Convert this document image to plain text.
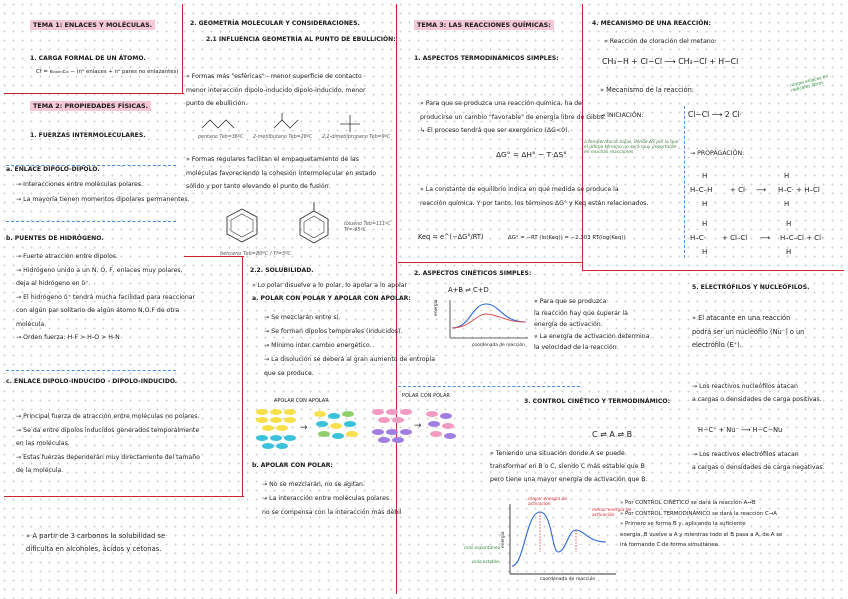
TEMA 1: ENLACES Y MOLÉCULAS.
1. CARGA FORMAL DE UN ÁTOMO.
Cf = eᵥₐₗₑₙcᵢₐ − (nᵉ enlaces + nᵉ pares no enlazantes)
TEMA 2: PROPIEDADES FÍSICAS.
1. FUERZAS INTERMOLECULARES.
a. ENLACE DIPOLO-DIPOLO.
→ Interacciones entre moléculas polares.
→ La mayoría tienen momentos dipolares permanentes.
b. PUENTES DE HIDRÓGENO.
→ Fuerte atracción entre dipolos.
→ Hidrógeno unido a un N, O, F, enlaces muy polares,
deja al hidrógeno en δ⁺.
→ El hidrógeno δ⁺ tendrá mucha facilidad para reaccionar
con algún par solitario de algún átomo N,O,F de otra
molécula.
→ Orden fuerza: H-F > H-O > H-N
c. ENLACE DIPOLO-INDUCIDO - DIPOLO-INDUCIDO.
→ Principal fuerza de atracción entre moléculas no polares.
→ Se da entre dipolos inducidos generados temporalmente
en las moléculas.
→ Estas fuerzas dependerán muy directamente del tamaño
de la molécula.
» A partir de 3 carbonos la solubilidad se
dificulta en alcoholes, ácidos y cetonas.
2. GEOMETRÍA MOLECULAR Y CONSIDERACIONES.
2.1 INFLUENCIA GEOMETRÍA AL PUNTO DE EBULLICIÓN:
» Formas más "esféricas" - menor superficie de contacto
menor interacción dipolo-inducido dipolo-inducido, menor
punto de ebullición.
pentano Teb=36ºC 2-metilbutano Teb=28ºC 2,2-dimetilpropano Teb=9ºC
» Formas regulares facilitan el empaquetamiento de las
moléculas favoreciendo la cohesión intermolecular en estado
sólido y por tanto elevando el punto de fusión.
benceno Teb=80ºC / Tf=5ºC
tolueno Teb=111ºC Tf=-95ºC
2.2. SOLUBILIDAD.
» Lo polar disuelve a lo polar, lo apolar a lo apolar
a. POLAR CON POLAR Y APOLAR CON APOLAR:
→ Se mezclarán entre sí.
→ Se forman dipolos temporales (inducidos).
→ Mínimo inter cambio energético.
→ La disolución se deberá al gran aumento de entropía
que se produce.
APOLAR CON APOLAR
POLAR CON POLAR
→	→
b. APOLAR CON POLAR:
→ No se mezclarán, no se agitan.
→ La interacción entre moléculas polares
no se compensa con la interacción más débil
TEMA 3: LAS REACCIONES QUÍMICAS:
1. ASPECTOS TERMODINÁMICOS SIMPLES:
» Para que se produzca una reacción química, ha de
producirse un cambio "favorable" de energía libre de Gibbs.
↳ El proceso tendrá que ser exergónico (ΔG<0).
ΔG° = ΔH° − T·ΔS°
a temperaturas bajas, dónde ΔS por lo que el último término no será muy importante en muchas reacciones
» La constante de equilibrio indica en qué medida se produce la
reacción química. Y por tanto, los términos ΔG° y Keq están relacionados.
Keq = e^(−ΔG°/RT)	ΔG° = −RT (ln(Keq)) = −2.303 RT(log(Keq))
2. ASPECTOS CINÉTICOS SIMPLES:
A+B ⇌ C+D
energía
coordenada de reacción
» Para que se produzca
la reacción hay que superar la
energía de activación.
» La energía de activación determina
la velocidad de la reacción.
3. CONTROL CINÉTICO Y TERMODINÁMICO:
C ⇌ A ⇌ B
» Teniendo una situación donde A se puede
transformar en B o C, siendo C más estable que B
pero tiene una mayor energía de activación que B.
mayor energía de activación
menor energía de activación
más espontánea
más estable
coordenada de reacción
energía
» Por CONTROL CINÉTICO se dará la reacción A→B
» Por CONTROL TERMODINÁMICO se dará la reacción C→A
» Primero se forma B y, aplicando la suficiente
energía, B vuelve a A y mientras todo el B pasa a A, de A se
irá formando C de forma simultánea.
4. MECANISMO DE UNA REACCIÓN:
» Reacción de cloración del metano:
CH₃−H + Cl−Cl ⟶ CH₃−Cl + H−Cl
» Mecanismo de la reacción:
rompe enlaces en radicales libres
→ INICIACIÓN:	Cl−Cl ⟶ 2 Cl·
→ PROPAGACIÓN:
H
H–C–H
H
+ Cl· ⟶ H–C· + H–Cl
H
H
H
H–C·
H
+ Cl–Cl ⟶ H–C–Cl + Cl·
H
H
5. ELECTRÓFILOS Y NUCLEÓFILOS.
» El atacante en una reacción
podrá ser un nucleófilo (Nu⁻) o un
electrófilo (E⁺).
→ Los reactivos nucleófilos atacan
a cargas o densidades de carga positivas.
H−C⁺ + Nu⁻ ⟶ H−C−Nu
→ Los reactivos electrófilos atacan
a cargas o densidades de carga negativas.
